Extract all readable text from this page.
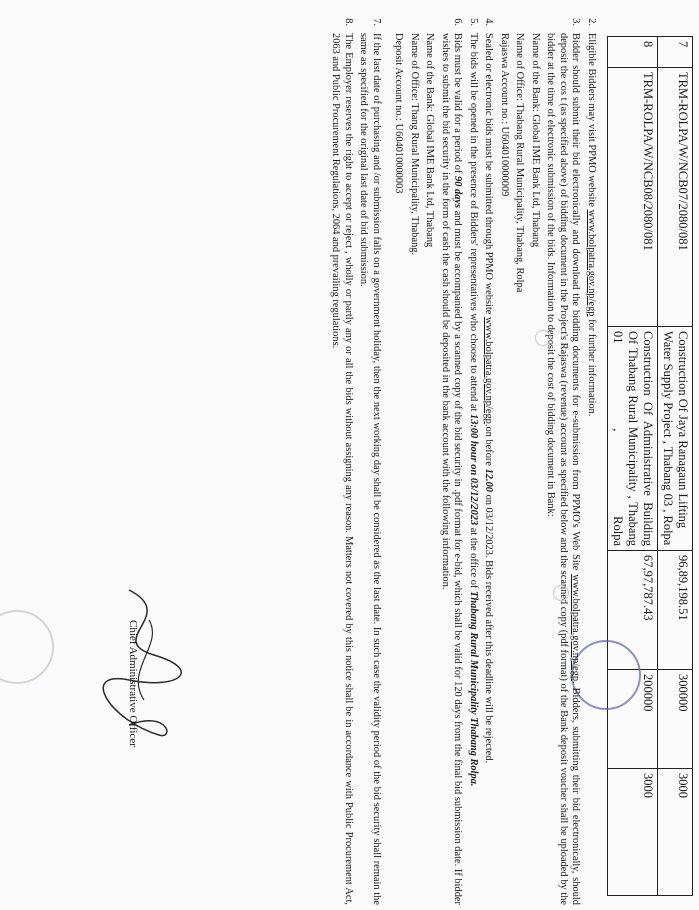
7	TRM-ROLPA/W/NCB07/2080/081	Construction Of Jaya Ranagaun Lifting Water Supply Project , Thabang 03 , Rolpa	96,89,198.51	300000	3000
8	TRM-ROLPA/W/NCB08/2080/081	Construction Of Administrative Building Of Thabang Rural Municipality , Thabang 01 , Rolpa	67,97,787.43	200000	3000
2.
Eligible Bidders may visit PPMO website www.bolpatra.gov.np/egp for further information.
3.
Bidder should submit their bid electronically and download the bidding documents for e-submission from PPMO's Web Site www.bolpatra.gov.np/egp. Bidders, submitting their bid electronically, should deposit the cos t (as specified above) of bidding document in the Project's Rajaswa (revenue) account as specified below and the scanned copy (pdf format) of the Bank deposit voucher shall be uploaded by the bidder at the time of electronic submission of the bids. Information to deposit the cost of bidding document in Bank:
Name of the Bank: Global IME Bank Ltd, Thabang
Name of Office: Thabang Rural Municipality, Thabang, Rolpa
Rajaswa Account no.: U604010000009
4.
Sealed or electronic bids must be submitted through PPMO website www.bolpatra.gov.np/egp.on before 12.00 on 03/12/2023. Bids received after this deadline will be rejected.
5.
The bids will be opened in the presence of Bidders' representatives who choose to attend at 13:00 hour on 03/12/2023 at the office of Thabang Rural Municipality Thabang Rolpa.
6.
Bids must be valid for a period of 90 days and must be accompanied by a scanned copy of the bid security in .pdf format for e-bid, which shall be valid for 120 days from the final bid submission date. If bidder wishes to submit the bid security in the form of cash the cash should be deposited in the bank account with the following information.
Name of the Bank: Global IME Bank Ltd, Thabang
Name of Office: Thang Rural Municipality, Thabang.
Deposit Account no.: U604010000003
7.
If the last date of purchasing and /or submission falls on a government holiday, then the next working day shall be considered as the last date. In such case the validity period of the bid security shall remain the same as specified for the original last date of bid submission.
8.
The Employer reserves the right to accept or reject , wholly or partly any or all the bids without assigning any reason. Matters not covered by this notice shall be in accordance with Public Procurement Act, 2063 and Public Procurement Regulations, 2064 and prevailing regulations.
Chief Administrative Officer
